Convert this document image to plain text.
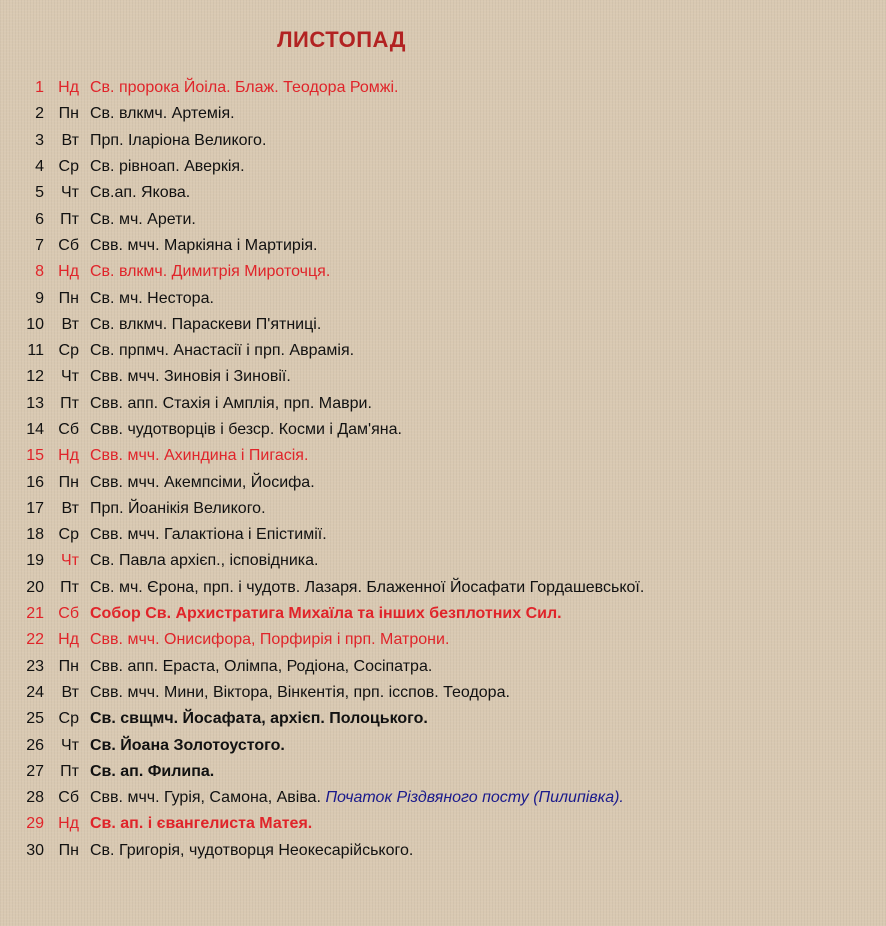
ЛИСТОПАД
1 Нд Св. пророка Йоіла. Блаж. Теодора Ромжі.
2 Пн Св. влкмч. Артемія.
3	Вт Прп. Іларіона Великого.
4 Ср Св. рівноап. Аверкія.
5	Чт Св.ап. Якова.
6	Пт Св. мч. Арети.
7 Сб Свв. мчч. Маркіяна і Мартирія.
8 Нд Св. влкмч. Димитрія Мироточця.
9 Пн Св. мч. Нестора.
10	Вт Св. влкмч. Параскеви П'ятниці.
11 Ср Св. прпмч. Анастасії і прп. Аврамія.
12	Чт Свв. мчч. Зиновія і Зиновії.
13	Пт Свв. апп. Стахія і Амплія, прп. Маври.
14 Сб Свв. чудотворців і безср. Косми і Дам'яна.
15 Нд Свв. мчч. Ахиндина і Пигасія.
16 Пн Свв. мчч. Акемпсіми, Йосифа.
17	Вт Прп. Йоанікія Великого.
18 Ср Свв. мчч. Галактіона і Епістимії.
19	Чт Св. Павла архієп., ісповідника.
20	Пт Св. мч. Єрона, прп. і чудотв. Лазаря. Блаженної Йосафати Гордашевської.
21 Сб Собор Св. Архистратига Михаїла та інших безплотних Сил.
22 Нд Свв. мчч. Онисифора, Порфирія і прп. Матрони.
23 Пн Свв. апп. Ераста, Олімпа, Родіона, Сосіпатра.
24	Вт Свв. мчч. Мини, Віктора, Вінкентія, прп. ісспов. Теодора.
25 Ср Св. свщмч. Йосафата, архієп. Полоцького.
26	Чт Св. Йоана Золотоустого.
27	Пт Св. ап. Филипа.
28 Сб Свв. мчч. Гурія, Самона, Авіва. Початок Різдвяного посту (Пилипівка).
29 Нд Св. ап. і євангелиста Матея.
30 Пн Св. Григорія, чудотворця Неокесарійського.
